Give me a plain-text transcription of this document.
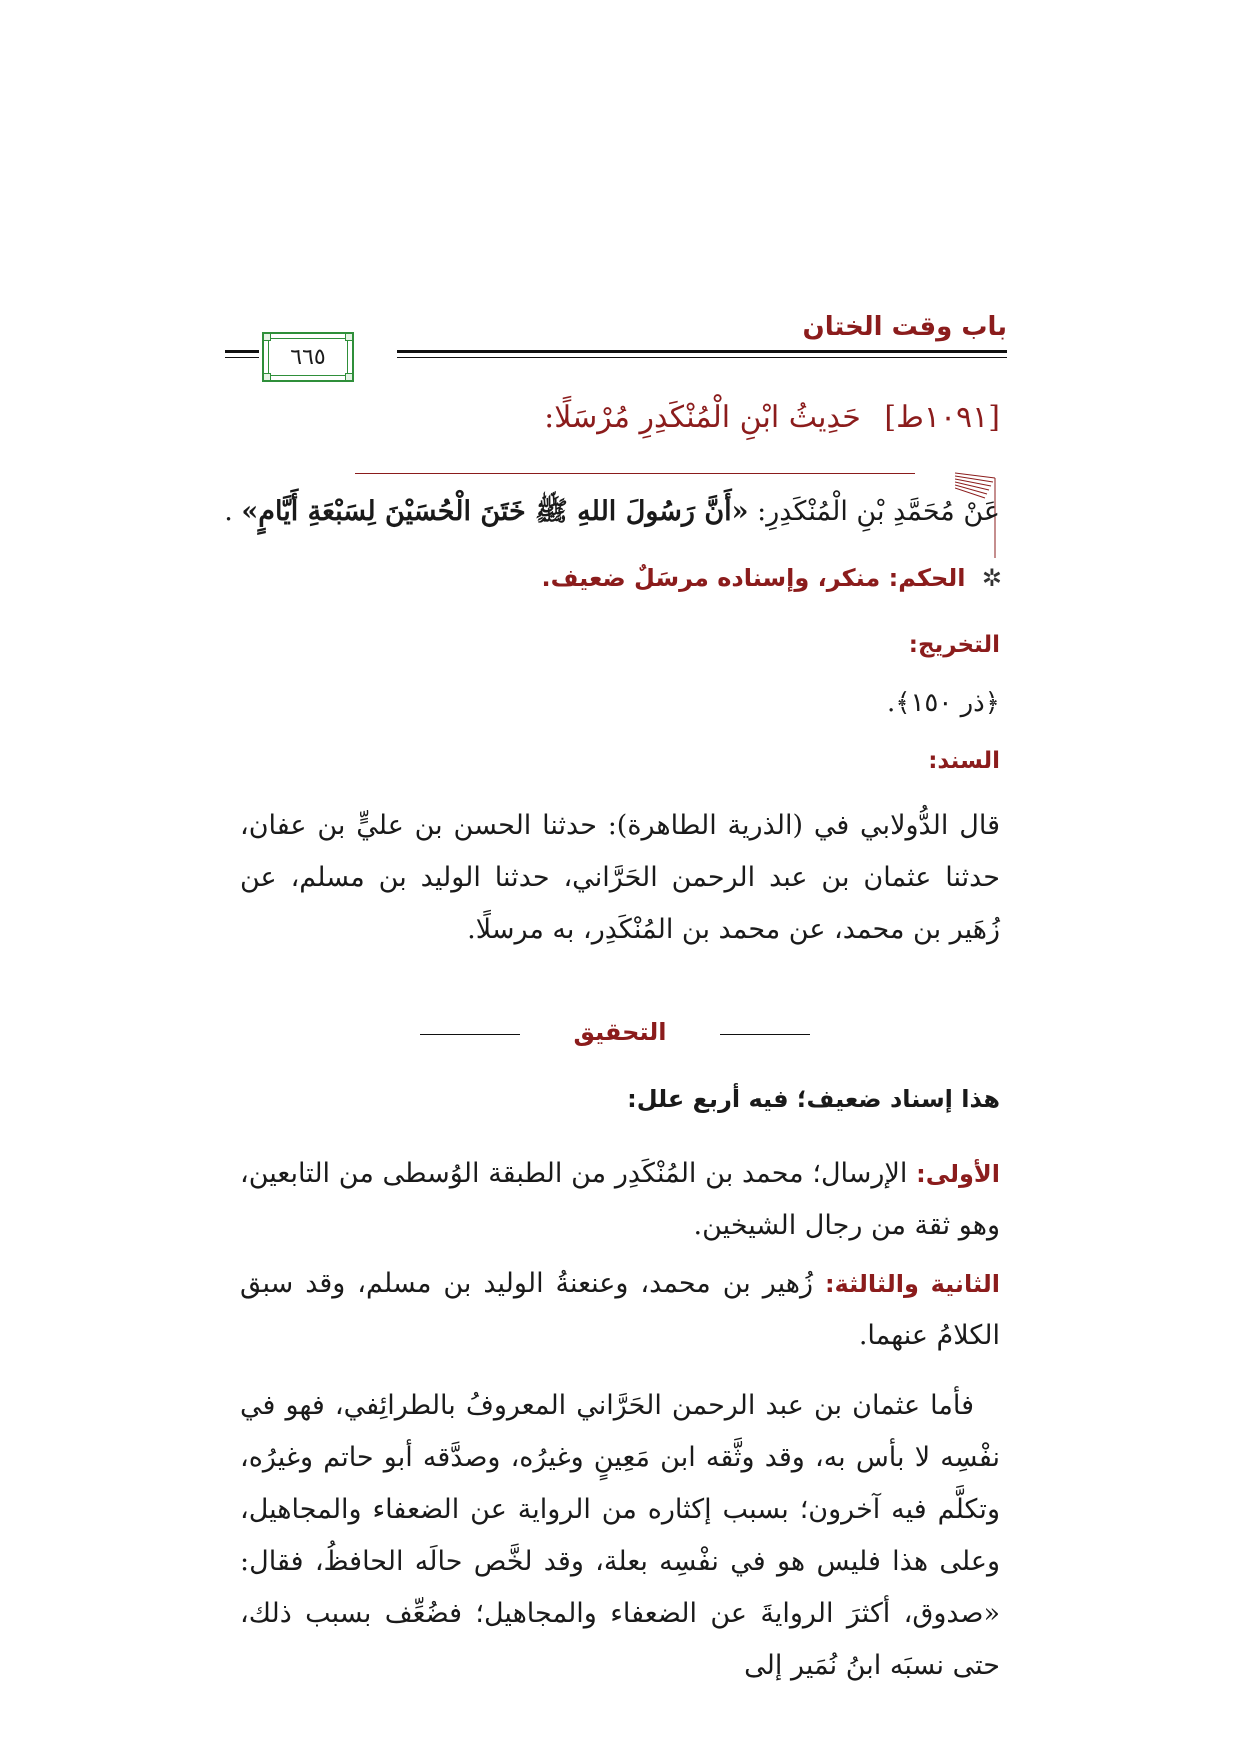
باب وقت الختان
٦٦٥
[١٠٩١ط] حَدِيثُ ابْنِ الْمُنْكَدِرِ مُرْسَلًا:
عَنْ مُحَمَّدِ بْنِ الْمُنْكَدِرِ: «أَنَّ رَسُولَ اللهِ ﷺ خَتَنَ الْحُسَيْنَ لِسَبْعَةِ أَيَّامٍ» .
✲ الحكم: منكر، وإسناده مرسَلٌ ضعيف.
التخريج:
﴿ذر ١٥٠﴾.
السند:
قال الدُّولابي في (الذرية الطاهرة): حدثنا الحسن بن عليٍّ بن عفان، حدثنا عثمان بن عبد الرحمن الحَرَّاني، حدثنا الوليد بن مسلم، عن زُهَير بن محمد، عن محمد بن المُنْكَدِر، به مرسلًا.
التحقيق
هذا إسناد ضعيف؛ فيه أربع علل:
الأولى: الإرسال؛ محمد بن المُنْكَدِر من الطبقة الوُسطى من التابعين، وهو ثقة من رجال الشيخين.
الثانية والثالثة: زُهير بن محمد، وعنعنةُ الوليد بن مسلم، وقد سبق الكلامُ عنهما.
فأما عثمان بن عبد الرحمن الحَرَّاني المعروفُ بالطرائِفي، فهو في نفْسِه لا بأس به، وقد وثَّقه ابن مَعِينٍ وغيرُه، وصدَّقه أبو حاتم وغيرُه، وتكلَّم فيه آخرون؛ بسبب إكثاره من الرواية عن الضعفاء والمجاهيل، وعلى هذا فليس هو في نفْسِه بعلة، وقد لخَّص حالَه الحافظُ، فقال: «صدوق، أكثرَ الروايةَ عن الضعفاء والمجاهيل؛ فضُعِّف بسبب ذلك، حتى نسبَه ابنُ نُمَير إلى
